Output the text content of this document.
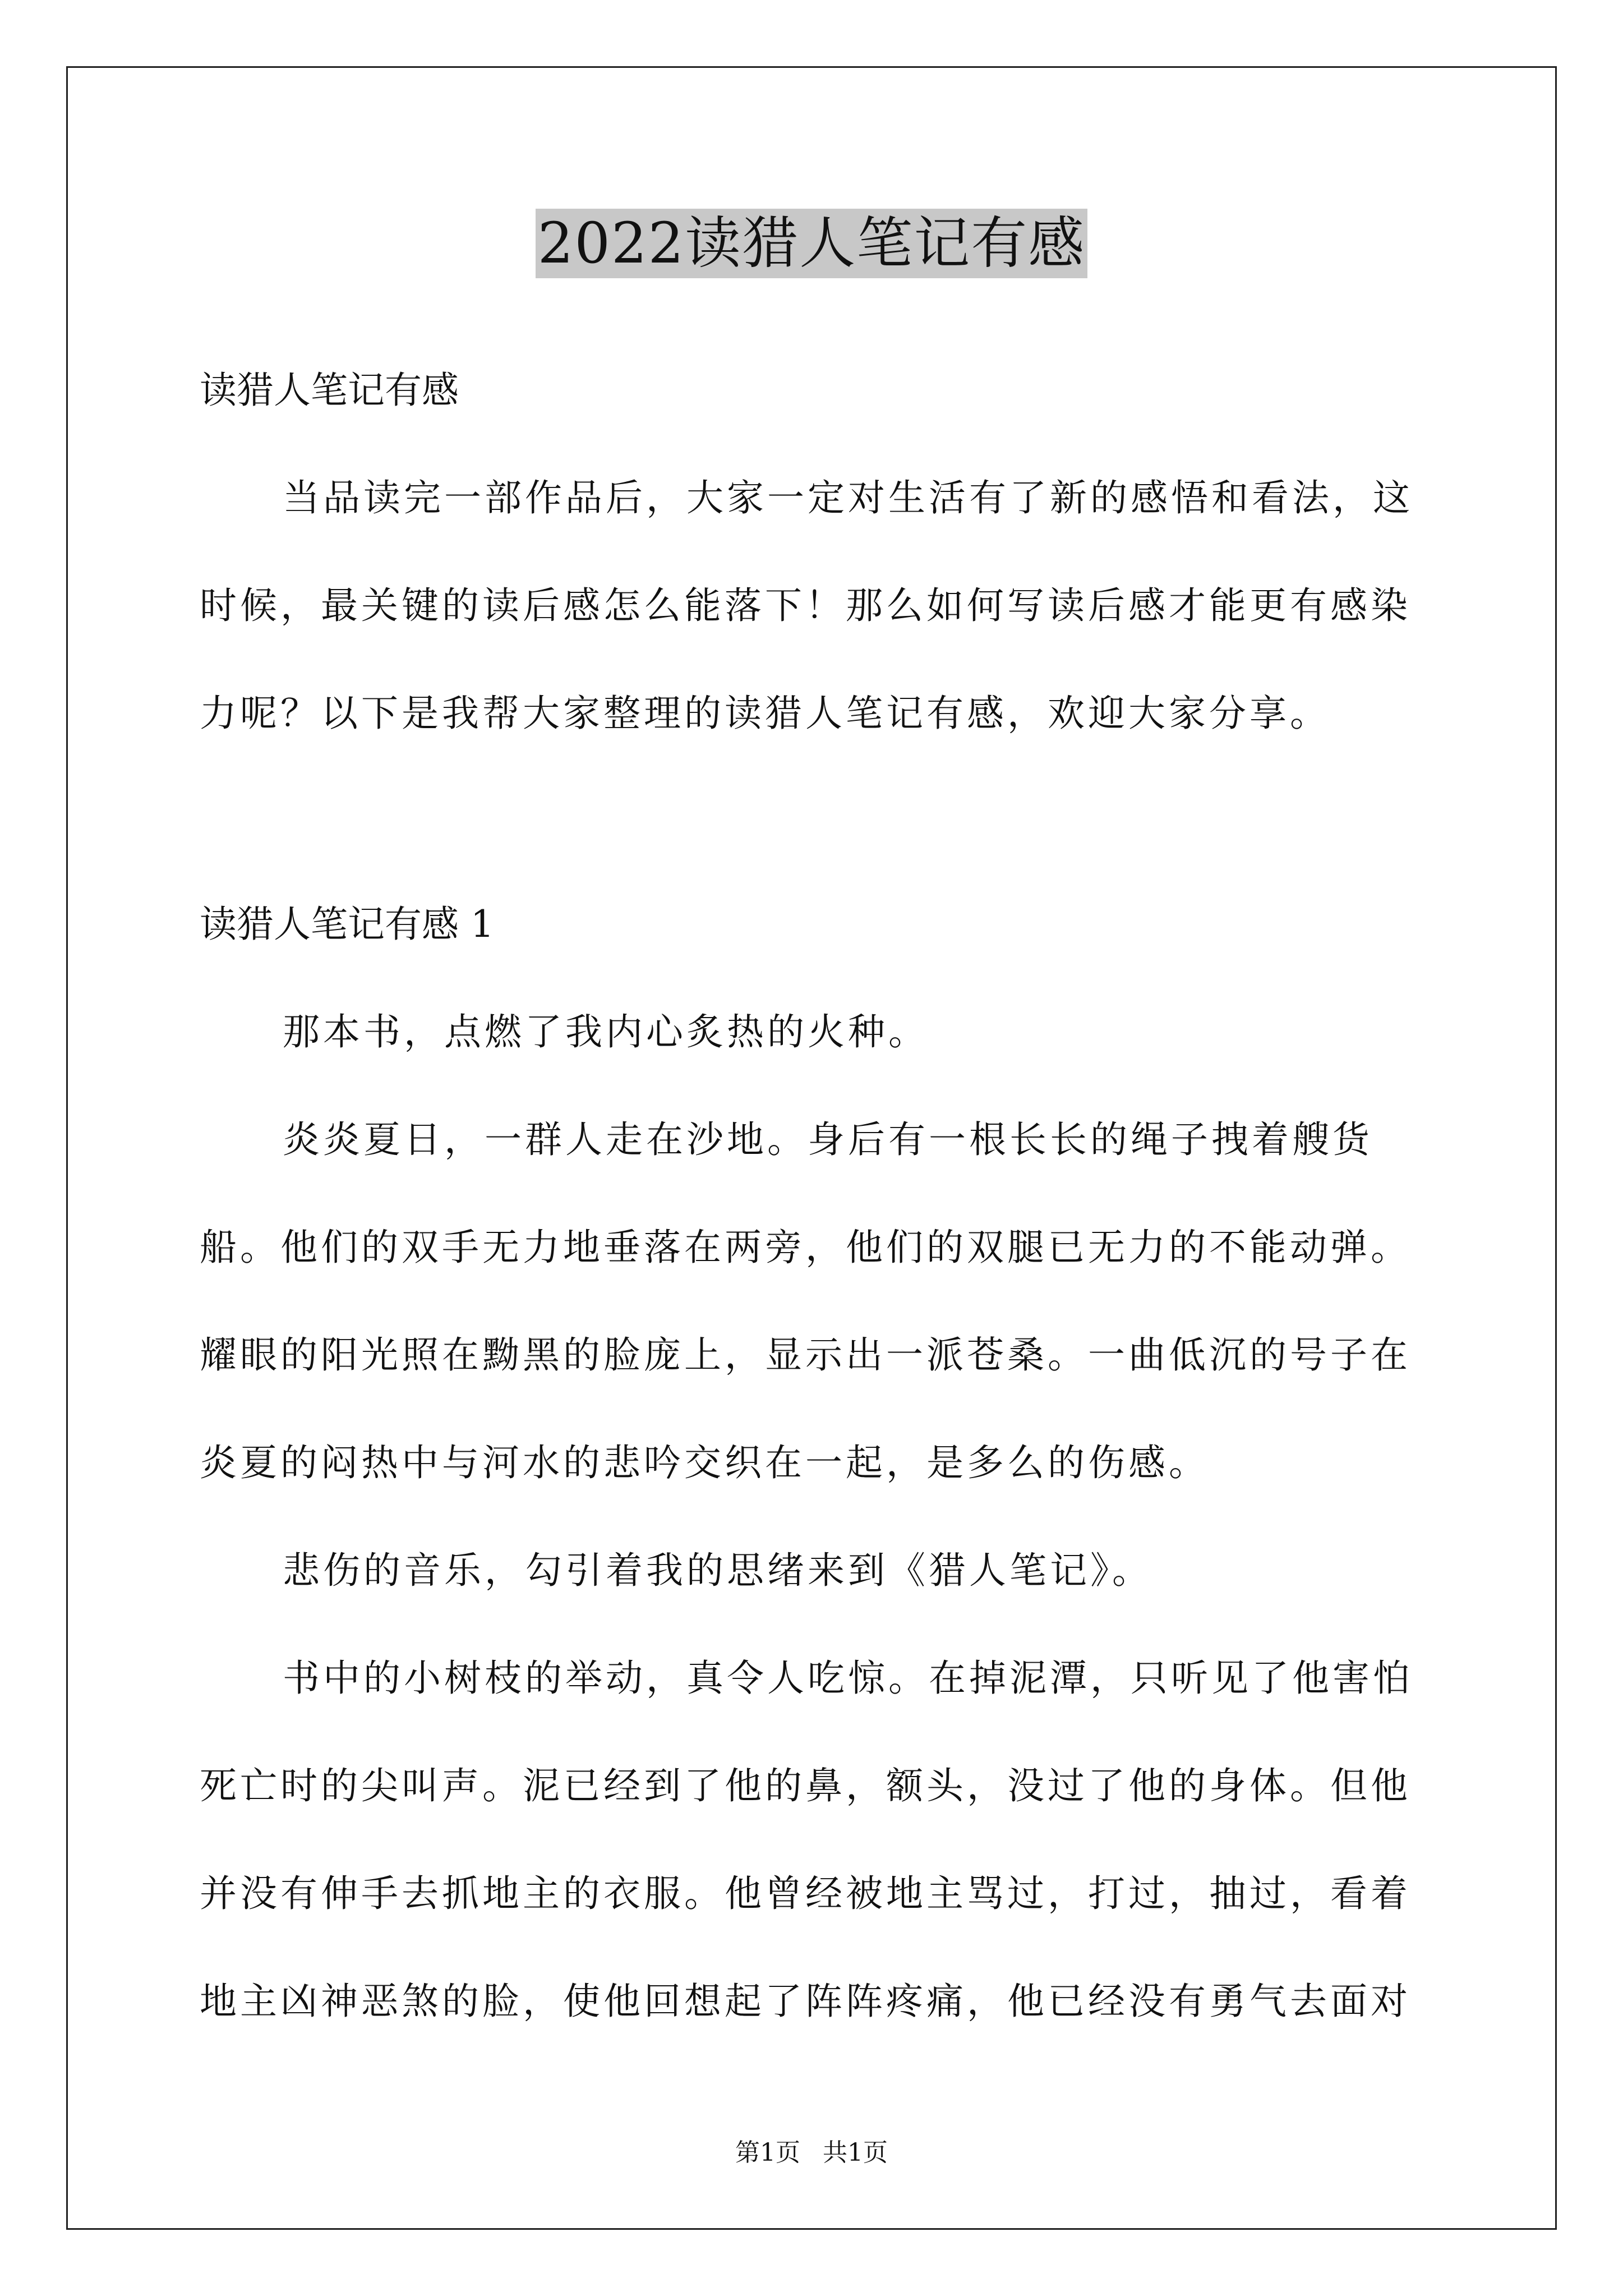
2022读猎人笔记有感

读猎人笔记有感

当品读完一部作品后，大家一定对生活有了新的感悟和看法，这时候，最关键的读后感怎么能落下！那么如何写读后感才能更有感染力呢？以下是我帮大家整理的读猎人笔记有感，欢迎大家分享。

读猎人笔记有感 1

那本书，点燃了我内心炙热的火种。

炎炎夏日，一群人走在沙地。身后有一根长长的绳子拽着艘货船。他们的双手无力地垂落在两旁，他们的双腿已无力的不能动弹。耀眼的阳光照在黝黑的脸庞上，显示出一派苍桑。一曲低沉的号子在炎夏的闷热中与河水的悲吟交织在一起，是多么的伤感。

悲伤的音乐，勾引着我的思绪来到《猎人笔记》。

书中的小树枝的举动，真令人吃惊。在掉泥潭，只听见了他害怕死亡时的尖叫声。泥已经到了他的鼻，额头，没过了他的身体。但他并没有伸手去抓地主的衣服。他曾经被地主骂过，打过，抽过，看着地主凶神恶煞的脸，使他回想起了阵阵疼痛，他已经没有勇气去面对

第1页 共1页
